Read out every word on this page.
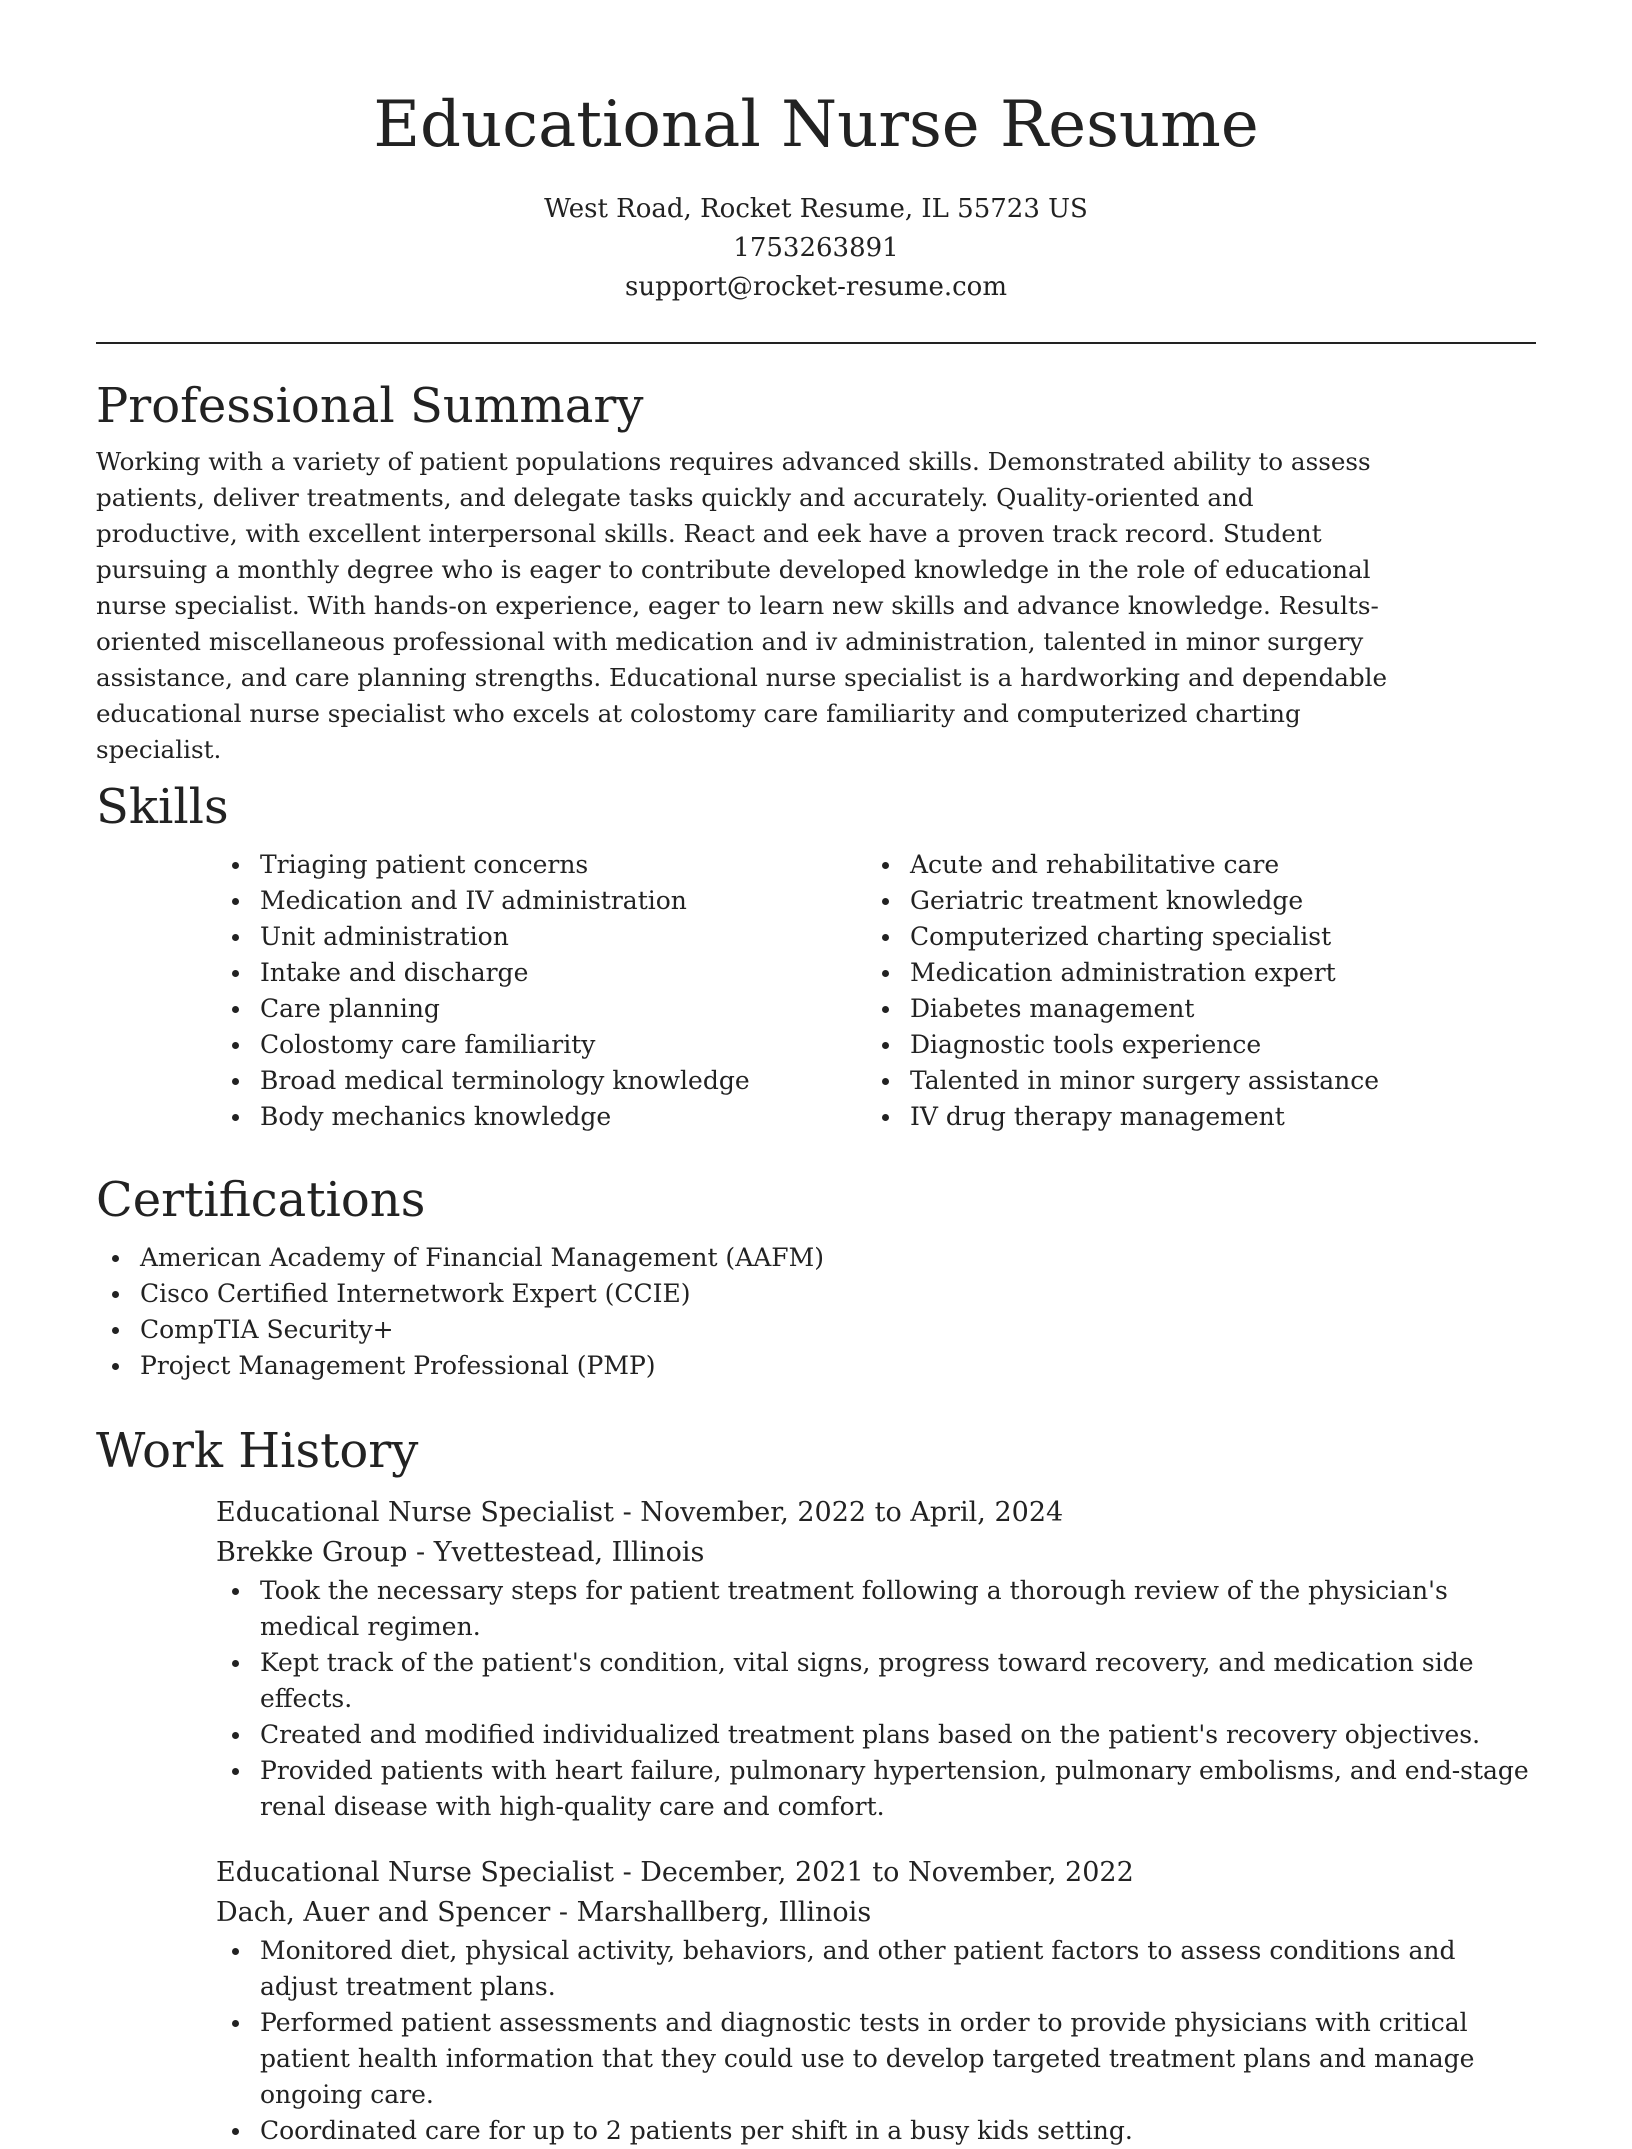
Educational Nurse Resume

West Road, Rocket Resume, IL 55723 US

1753263891

support@rocket-resume.com

Professional Summary

Working with a variety of patient populations requires advanced skills. Demonstrated ability to assess patients, deliver treatments, and delegate tasks quickly and accurately. Quality-oriented and productive, with excellent interpersonal skills. React and eek have a proven track record. Student pursuing a monthly degree who is eager to contribute developed knowledge in the role of educational nurse specialist. With hands-on experience, eager to learn new skills and advance knowledge. Results-oriented miscellaneous professional with medication and iv administration, talented in minor surgery assistance, and care planning strengths. Educational nurse specialist is a hardworking and dependable educational nurse specialist who excels at colostomy care familiarity and computerized charting specialist.

Skills
Triaging patient concerns
Medication and IV administration
Unit administration
Intake and discharge
Care planning
Colostomy care familiarity
Broad medical terminology knowledge
Body mechanics knowledge
Acute and rehabilitative care
Geriatric treatment knowledge
Computerized charting specialist
Medication administration expert
Diabetes management
Diagnostic tools experience
Talented in minor surgery assistance
IV drug therapy management
Certifications
American Academy of Financial Management (AAFM)
Cisco Certified Internetwork Expert (CCIE)
CompTIA Security+
Project Management Professional (PMP)
Work History

Educational Nurse Specialist - November, 2022 to April, 2024

Brekke Group - Yvettestead, Illinois

Took the necessary steps for patient treatment following a thorough review of the physician's medical regimen.
Kept track of the patient's condition, vital signs, progress toward recovery, and medication side effects.
Created and modified individualized treatment plans based on the patient's recovery objectives.
Provided patients with heart failure, pulmonary hypertension, pulmonary embolisms, and end-stage renal disease with high-quality care and comfort.

Educational Nurse Specialist - December, 2021 to November, 2022

Dach, Auer and Spencer - Marshallberg, Illinois

Monitored diet, physical activity, behaviors, and other patient factors to assess conditions and adjust treatment plans.
Performed patient assessments and diagnostic tests in order to provide physicians with critical patient health information that they could use to develop targeted treatment plans and manage ongoing care.
Coordinated care for up to 2 patients per shift in a busy kids setting.
